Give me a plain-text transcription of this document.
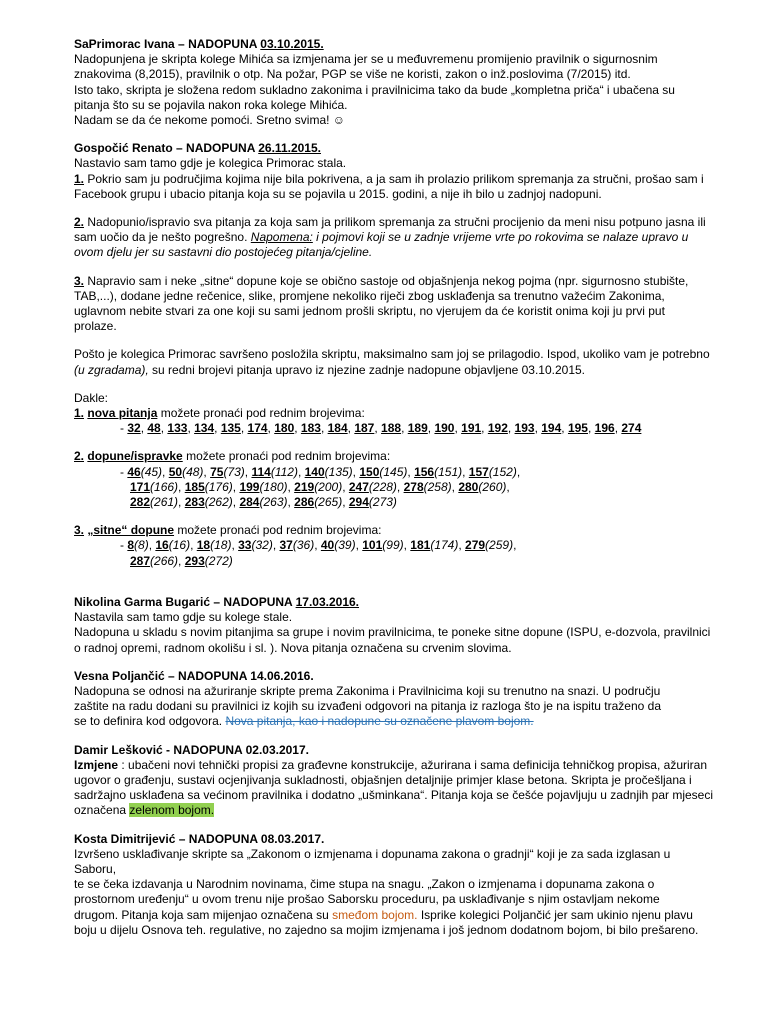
SaPrimorac Ivana – NADOPUNA 03.10.2015.

Nadopunjena je skripta kolege Mihića sa izmjenama jer se u međuvremenu promijenio pravilnik o sigurnosnim

znakovima (8,2015), pravilnik o otp. Na požar, PGP se više ne koristi, zakon o inž.poslovima (7/2015) itd.

Isto tako, skripta je složena redom sukladno zakonima i pravilnicima tako da bude „kompletna priča“ i ubačena su

pitanja što su se pojavila nakon roka kolege Mihića.

Nadam se da će nekome pomoći. Sretno svima! ☺

Gospočić Renato – NADOPUNA 26.11.2015.

Nastavio sam tamo gdje je kolegica Primorac stala.

1. Pokrio sam ju područjima kojima nije bila pokrivena, a ja sam ih prolazio prilikom spremanja za stručni, prošao sam i

Facebook grupu i ubacio pitanja koja su se pojavila u 2015. godini, a nije ih bilo u zadnjoj nadopuni.

2. Nadopunio/ispravio sva pitanja za koja sam ja prilikom spremanja za stručni procijenio da meni nisu potpuno jasna ili

sam uočio da je nešto pogrešno. Napomena: i pojmovi koji se u zadnje vrijeme vrte po rokovima se nalaze upravo u

ovom djelu jer su sastavni dio postojećeg pitanja/cjeline.

3. Napravio sam i neke „sitne“ dopune koje se obično sastoje od objašnjenja nekog pojma (npr. sigurnosno stubište,

TAB,...), dodane jedne rečenice, slike, promjene nekoliko riječi zbog usklađenja sa trenutno važećim Zakonima,

uglavnom nebite stvari za one koji su sami jednom prošli skriptu, no vjerujem da će koristit onima koji ju prvi put

prolaze.

Pošto je kolegica Primorac savršeno posložila skriptu, maksimalno sam joj se prilagodio. Ispod, ukoliko vam je potrebno

(u zgradama), su redni brojevi pitanja upravo iz njezine zadnje nadopune objavljene 03.10.2015.

Dakle:

1. nova pitanja možete pronaći pod rednim brojevima:

- 32, 48, 133, 134, 135, 174, 180, 183, 184, 187, 188, 189, 190, 191, 192, 193, 194, 195, 196, 274

2. dopune/ispravke možete pronaći pod rednim brojevima:

- 46(45), 50(48), 75(73), 114(112), 140(135), 150(145), 156(151), 157(152),

171(166), 185(176), 199(180), 219(200), 247(228), 278(258), 280(260),

282(261), 283(262), 284(263), 286(265), 294(273)

3. „sitne“ dopune možete pronaći pod rednim brojevima:

- 8(8), 16(16), 18(18), 33(32), 37(36), 40(39), 101(99), 181(174), 279(259),

287(266), 293(272)

Nikolina Garma Bugarić – NADOPUNA 17.03.2016.

Nastavila sam tamo gdje su kolege stale.

Nadopuna u skladu s novim pitanjima sa grupe i novim pravilnicima, te poneke sitne dopune (ISPU, e-dozvola, pravilnici

o radnoj opremi, radnom okolišu i sl. ). Nova pitanja označena su crvenim slovima.

Vesna Poljančić – NADOPUNA 14.06.2016.

Nadopuna se odnosi na ažuriranje skripte prema Zakonima i Pravilnicima koji su trenutno na snazi. U području

zaštite na radu dodani su pravilnici iz kojih su izvađeni odgovori na pitanja iz razloga što je na ispitu traženo da

se to definira kod odgovora. Nova pitanja, kao i nadopune su označene plavom bojom.

Damir Lešković - NADOPUNA 02.03.2017.

Izmjene : ubačeni novi tehnički propisi za građevne konstrukcije, ažurirana i sama definicija tehničkog propisa, ažuriran

ugovor o građenju, sustavi ocjenjivanja sukladnosti, objašnjen detaljnije primjer klase betona. Skripta je pročešljana i

sadržajno usklađena sa većinom pravilnika i dodatno „ušminkana“. Pitanja koja se češće pojavljuju u zadnjih par mjeseci

označena zelenom bojom.

Kosta Dimitrijević – NADOPUNA 08.03.2017.

Izvršeno usklađivanje skripte sa „Zakonom o izmjenama i dopunama zakona o gradnji“ koji je za sada izglasan u Saboru,

te se čeka izdavanja u Narodnim novinama, čime stupa na snagu. „Zakon o izmjenama i dopunama zakona o

prostornom uređenju“ u ovom trenu nije prošao Saborsku proceduru, pa usklađivanje s njim ostavljam nekome

drugom. Pitanja koja sam mijenjao označena su smeđom bojom. Isprike kolegici Poljančić jer sam ukinio njenu plavu

boju u dijelu Osnova teh. regulative, no zajedno sa mojim izmjenama i još jednom dodatnom bojom, bi bilo prešareno.
